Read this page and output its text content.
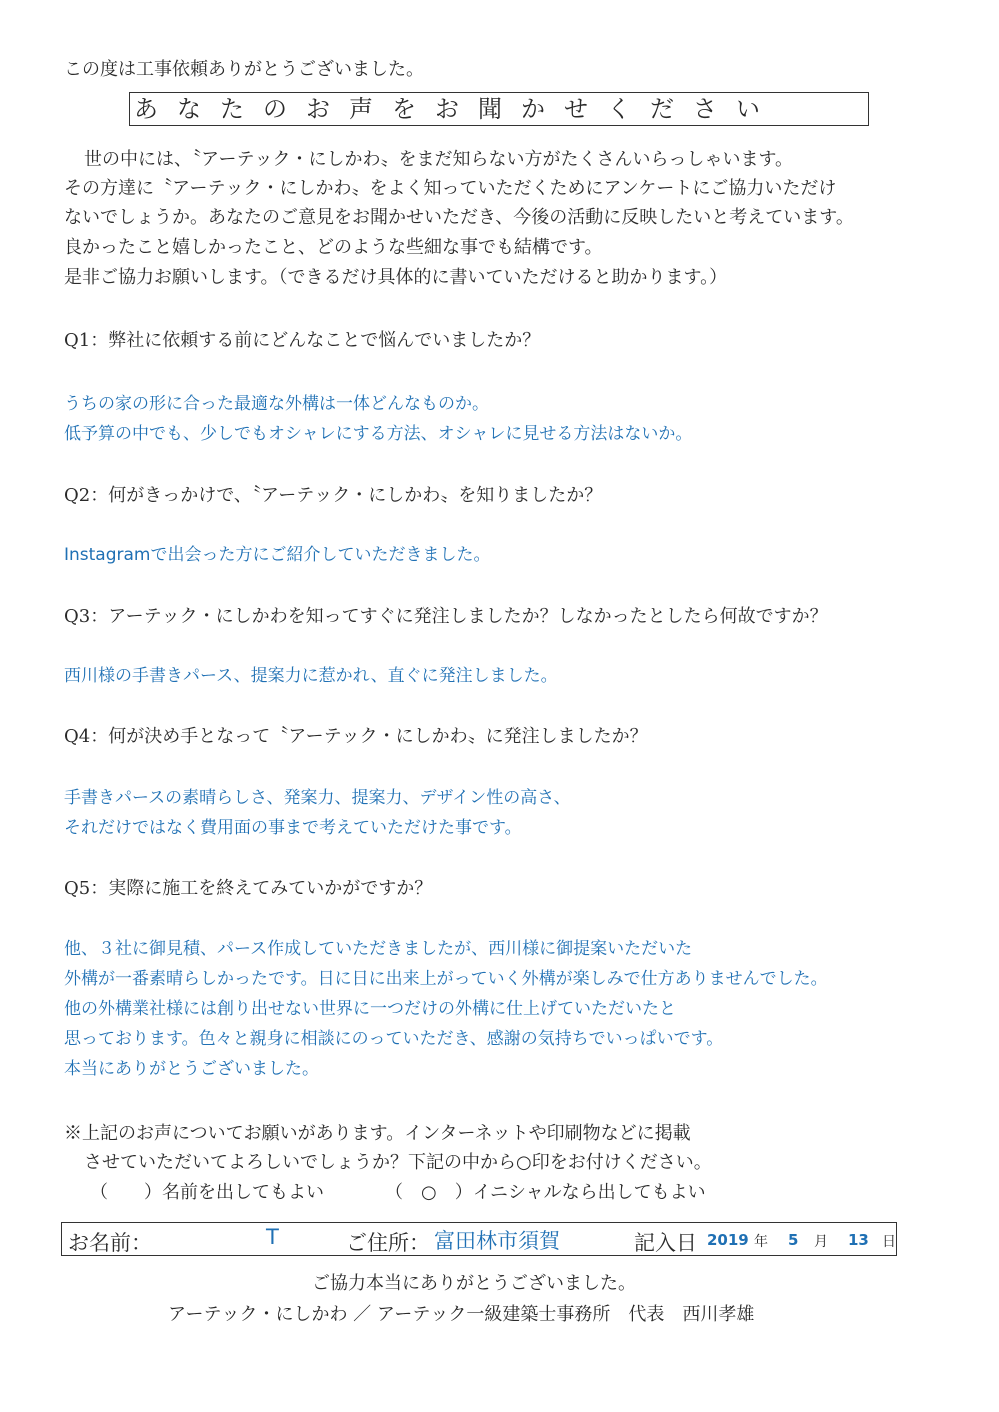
この度は工事依頼ありがとうございました。
あなたのお声をお聞かせください
世の中には、〝アーテック・にしかわ〟をまだ知らない方がたくさんいらっしゃいます。
その方達に〝アーテック・にしかわ〟をよく知っていただくためにアンケートにご協力いただけ
ないでしょうか。あなたのご意見をお聞かせいただき、今後の活動に反映したいと考えています。
良かったこと嬉しかったこと、どのような些細な事でも結構です。
是非ご協力お願いします。（できるだけ具体的に書いていただけると助かります。）
Q1：弊社に依頼する前にどんなことで悩んでいましたか？
うちの家の形に合った最適な外構は一体どんなものか。
低予算の中でも、少しでもオシャレにする方法、オシャレに見せる方法はないか。
Q2：何がきっかけで、〝アーテック・にしかわ〟を知りましたか？
Instagramで出会った方にご紹介していただきました。
Q3：アーテック・にしかわを知ってすぐに発注しましたか？しなかったとしたら何故ですか？
西川様の手書きパース、提案力に惹かれ、直ぐに発注しました。
Q4：何が決め手となって〝アーテック・にしかわ〟に発注しましたか？
手書きパースの素晴らしさ、発案力、提案力、デザイン性の高さ、
それだけではなく費用面の事まで考えていただけた事です。
Q5：実際に施工を終えてみていかがですか？
他、３社に御見積、パース作成していただきましたが、西川様に御提案いただいた
外構が一番素晴らしかったです。日に日に出来上がっていく外構が楽しみで仕方ありませんでした。
他の外構業社様には創り出せない世界に一つだけの外構に仕上げていただいたと
思っております。色々と親身に相談にのっていただき、感謝の気持ちでいっぱいです。
本当にありがとうございました。
※上記のお声についてお願いがあります。インターネットや印刷物などに掲載
させていただいてよろしいでしょうか？下記の中から○印をお付けください。
（　　）名前を出してもよい	（　○　）イニシャルなら出してもよい
お名前：	T	ご住所： 富田林市須賀	記入日 2019 年 5 月 13 日
ご協力本当にありがとうございました。
アーテック・にしかわ ／ アーテック一級建築士事務所　代表　西川孝雄
